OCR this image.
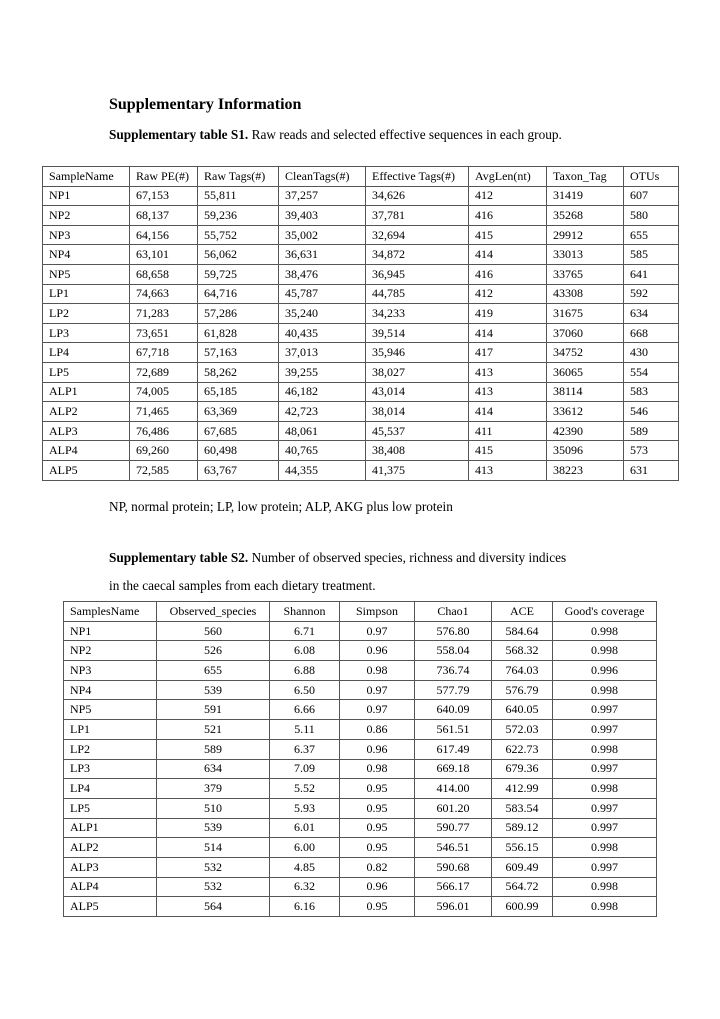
Supplementary Information
Supplementary table S1. Raw reads and selected effective sequences in each group.
SampleName	Raw PE(#)	Raw Tags(#)	CleanTags(#)	Effective Tags(#)	AvgLen(nt)	Taxon_Tag	OTUs
NP1	67,153	55,811	37,257	34,626	412	31419	607
NP2	68,137	59,236	39,403	37,781	416	35268	580
NP3	64,156	55,752	35,002	32,694	415	29912	655
NP4	63,101	56,062	36,631	34,872	414	33013	585
NP5	68,658	59,725	38,476	36,945	416	33765	641
LP1	74,663	64,716	45,787	44,785	412	43308	592
LP2	71,283	57,286	35,240	34,233	419	31675	634
LP3	73,651	61,828	40,435	39,514	414	37060	668
LP4	67,718	57,163	37,013	35,946	417	34752	430
LP5	72,689	58,262	39,255	38,027	413	36065	554
ALP1	74,005	65,185	46,182	43,014	413	38114	583
ALP2	71,465	63,369	42,723	38,014	414	33612	546
ALP3	76,486	67,685	48,061	45,537	411	42390	589
ALP4	69,260	60,498	40,765	38,408	415	35096	573
ALP5	72,585	63,767	44,355	41,375	413	38223	631
NP, normal protein; LP, low protein; ALP, AKG plus low protein
Supplementary table S2. Number of observed species, richness and diversity indices
in the caecal samples from each dietary treatment.
SamplesName	Observed_species	Shannon	Simpson	Chao1	ACE	Good's coverage
NP1	560	6.71	0.97	576.80	584.64	0.998
NP2	526	6.08	0.96	558.04	568.32	0.998
NP3	655	6.88	0.98	736.74	764.03	0.996
NP4	539	6.50	0.97	577.79	576.79	0.998
NP5	591	6.66	0.97	640.09	640.05	0.997
LP1	521	5.11	0.86	561.51	572.03	0.997
LP2	589	6.37	0.96	617.49	622.73	0.998
LP3	634	7.09	0.98	669.18	679.36	0.997
LP4	379	5.52	0.95	414.00	412.99	0.998
LP5	510	5.93	0.95	601.20	583.54	0.997
ALP1	539	6.01	0.95	590.77	589.12	0.997
ALP2	514	6.00	0.95	546.51	556.15	0.998
ALP3	532	4.85	0.82	590.68	609.49	0.997
ALP4	532	6.32	0.96	566.17	564.72	0.998
ALP5	564	6.16	0.95	596.01	600.99	0.998
